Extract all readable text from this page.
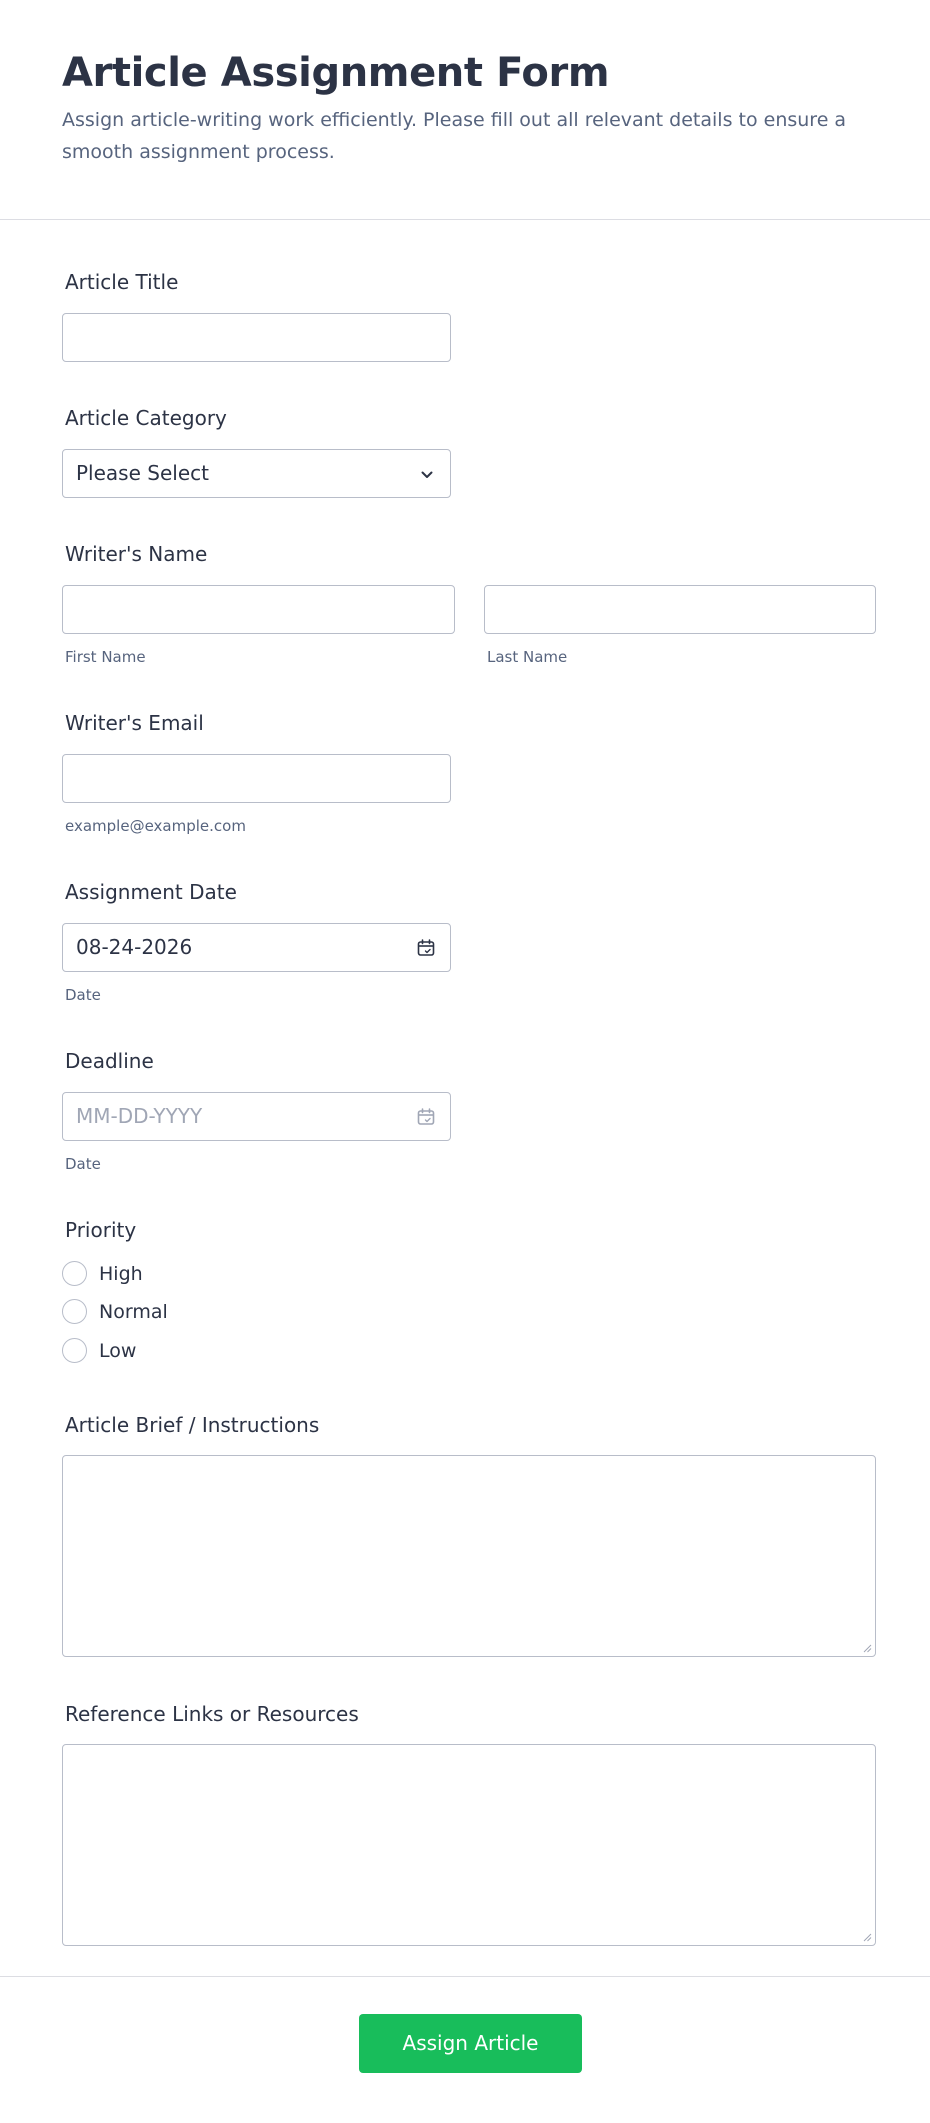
Article Assignment Form
Assign article-writing work efficiently. Please fill out all relevant details to ensure a smooth assignment process.
Article Title
Article Category
Please Select
Writer's Name
First Name	Last Name
Writer's Email
example@example.com
Assignment Date
08-24-2026
Date
Deadline
MM-DD-YYYY
Date
Priority
High
Normal
Low
Article Brief / Instructions
Reference Links or Resources
Assign Article
